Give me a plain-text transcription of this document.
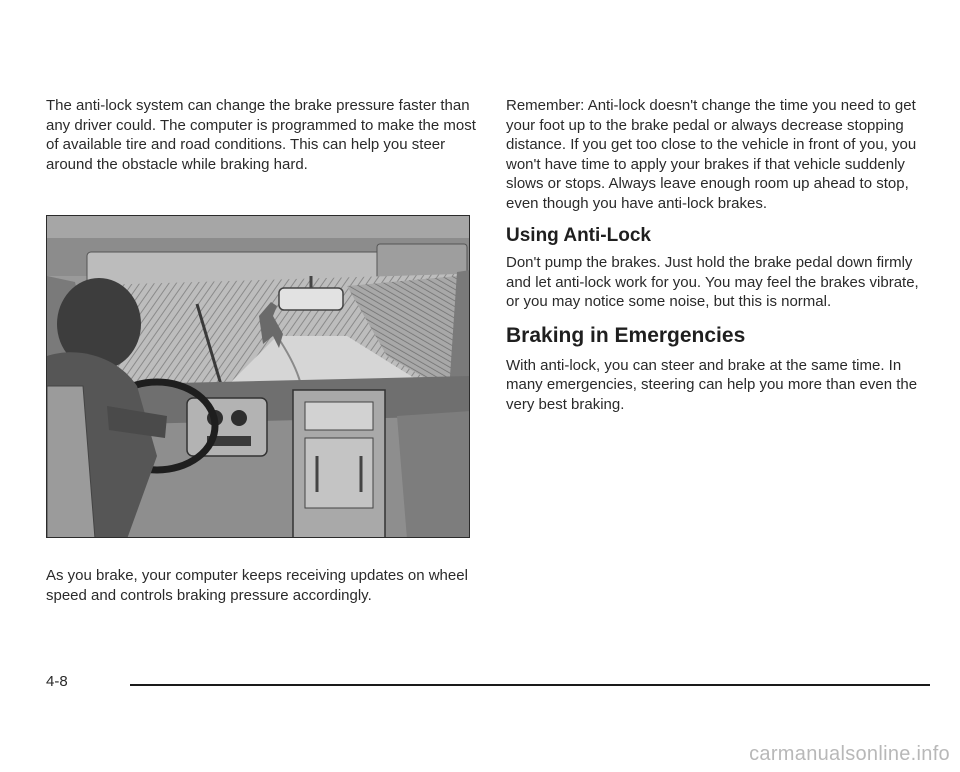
The anti-lock system can change the brake pressure faster than any driver could. The computer is programmed to make the most of available tire and road conditions. This can help you steer around the obstacle while braking hard.

As you brake, your computer keeps receiving updates on wheel speed and controls braking pressure accordingly.

Remember: Anti-lock doesn't change the time you need to get your foot up to the brake pedal or always decrease stopping distance. If you get too close to the vehicle in front of you, you won't have time to apply your brakes if that vehicle suddenly slows or stops. Always leave enough room up ahead to stop, even though you have anti-lock brakes.

Using Anti-Lock

Don't pump the brakes. Just hold the brake pedal down firmly and let anti-lock work for you. You may feel the brakes vibrate, or you may notice some noise, but this is normal.

Braking in Emergencies

With anti-lock, you can steer and brake at the same time. In many emergencies, steering can help you more than even the very best braking.

4-8
carmanualsonline.info
